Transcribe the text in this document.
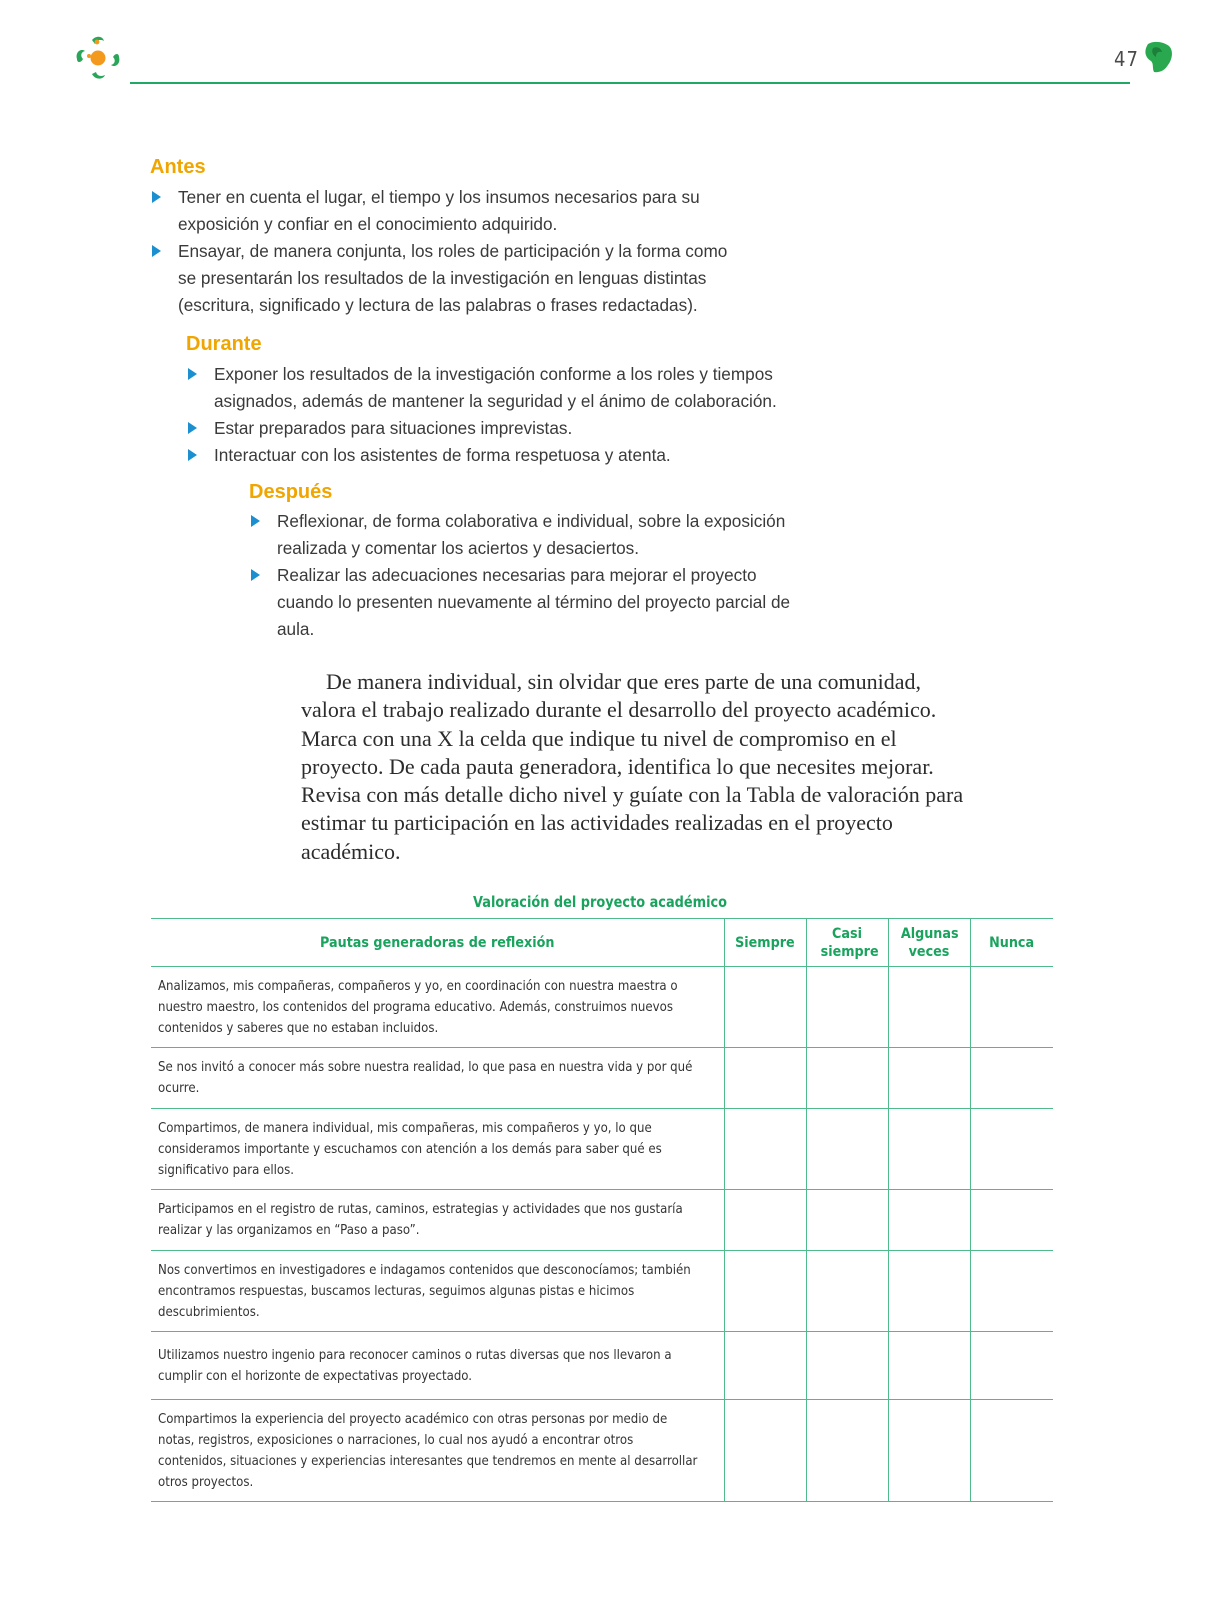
47
Antes
Tener en cuenta el lugar, el tiempo y los insumos necesarios para su exposición y confiar en el conocimiento adquirido.
Ensayar, de manera conjunta, los roles de participación y la forma como se presentarán los resultados de la investigación en lenguas distintas (escritura, significado y lectura de las palabras o frases redactadas).
Durante
Exponer los resultados de la investigación conforme a los roles y tiempos asignados, además de mantener la seguridad y el ánimo de colaboración.
Estar preparados para situaciones imprevistas.
Interactuar con los asistentes de forma respetuosa y atenta.
Después
Reflexionar, de forma colaborativa e individual, sobre la exposición realizada y comentar los aciertos y desaciertos.
Realizar las adecuaciones necesarias para mejorar el proyecto cuando lo presenten nuevamente al término del proyecto parcial de aula.

De manera individual, sin olvidar que eres parte de una comunidad, valora el trabajo realizado durante el desarrollo del proyecto académico. Marca con una X la celda que indique tu nivel de compromiso en el proyecto. De cada pauta generadora, identifica lo que necesites mejorar. Revisa con más detalle dicho nivel y guíate con la Tabla de valoración para estimar tu participación en las actividades realizadas en el proyecto académico.

Valoración del proyecto académico

Pautas generadoras de reflexión	Siempre	Casi siempre	Algunas veces	Nunca
Analizamos, mis compañeras, compañeros y yo, en coordinación con nuestra maestra o nuestro maestro, los contenidos del programa educativo. Además, construimos nuevos contenidos y saberes que no estaban incluidos.				
Se nos invitó a conocer más sobre nuestra realidad, lo que pasa en nuestra vida y por qué ocurre.				
Compartimos, de manera individual, mis compañeras, mis compañeros y yo, lo que consideramos importante y escuchamos con atención a los demás para saber qué es significativo para ellos.				
Participamos en el registro de rutas, caminos, estrategias y actividades que nos gustaría realizar y las organizamos en “Paso a paso”.				
Nos convertimos en investigadores e indagamos contenidos que desconocíamos; también encontramos respuestas, buscamos lecturas, seguimos algunas pistas e hicimos descubrimientos.				
Utilizamos nuestro ingenio para reconocer caminos o rutas diversas que nos llevaron a cumplir con el horizonte de expectativas proyectado.				
Compartimos la experiencia del proyecto académico con otras personas por medio de notas, registros, exposiciones o narraciones, lo cual nos ayudó a encontrar otros contenidos, situaciones y experiencias interesantes que tendremos en mente al desarrollar otros proyectos.				
